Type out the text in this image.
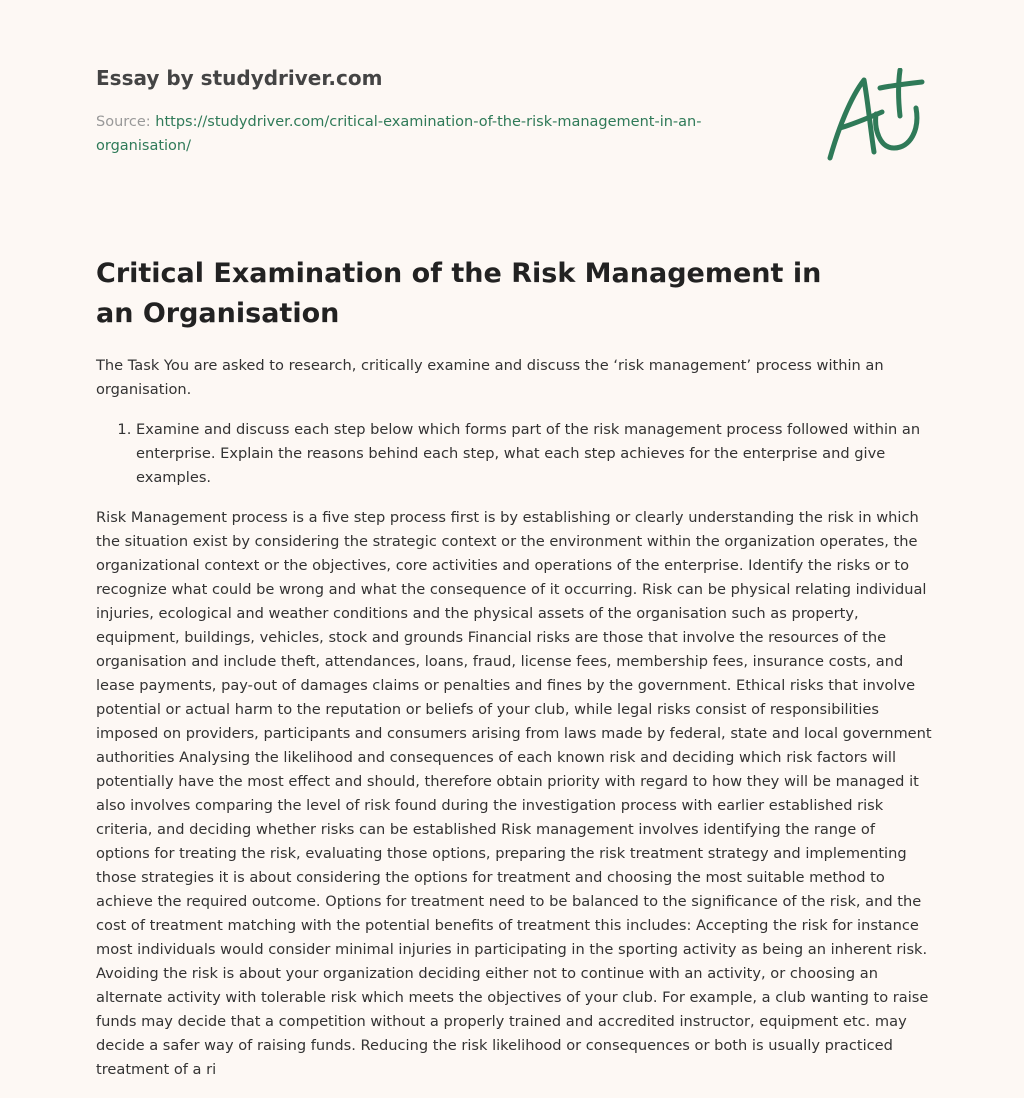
Essay by studydriver.com
Source: https://studydriver.com/critical-examination-of-the-risk-management-in-an-organisation/
Critical Examination of the Risk Management in an Organisation

The Task You are asked to research, critically examine and discuss the ‘risk management’ process within an organisation.

1. Examine and discuss each step below which forms part of the risk management process followed within an enterprise. Explain the reasons behind each step, what each step achieves for the enterprise and give examples.

Risk Management process is a five step process first is by establishing or clearly understanding the risk in which the situation exist by considering the strategic context or the environment within the organization operates, the organizational context or the objectives, core activities and operations of the enterprise. Identify the risks or to recognize what could be wrong and what the consequence of it occurring. Risk can be physical relating individual injuries, ecological and weather conditions and the physical assets of the organisation such as property, equipment, buildings, vehicles, stock and grounds Financial risks are those that involve the resources of the organisation and include theft, attendances, loans, fraud, license fees, membership fees, insurance costs, and lease payments, pay-out of damages claims or penalties and fines by the government. Ethical risks that involve potential or actual harm to the reputation or beliefs of your club, while legal risks consist of responsibilities imposed on providers, participants and consumers arising from laws made by federal, state and local government authorities Analysing the likelihood and consequences of each known risk and deciding which risk factors will potentially have the most effect and should, therefore obtain priority with regard to how they will be managed it also involves comparing the level of risk found during the investigation process with earlier established risk criteria, and deciding whether risks can be established Risk management involves identifying the range of options for treating the risk, evaluating those options, preparing the risk treatment strategy and implementing those strategies it is about considering the options for treatment and choosing the most suitable method to achieve the required outcome. Options for treatment need to be balanced to the significance of the risk, and the cost of treatment matching with the potential benefits of treatment this includes: Accepting the risk for instance most individuals would consider minimal injuries in participating in the sporting activity as being an inherent risk. Avoiding the risk is about your organization deciding either not to continue with an activity, or choosing an alternate activity with tolerable risk which meets the objectives of your club. For example, a club wanting to raise funds may decide that a competition without a properly trained and accredited instructor, equipment etc. may decide a safer way of raising funds. Reducing the risk likelihood or consequences or both is usually practiced treatment of a ri
